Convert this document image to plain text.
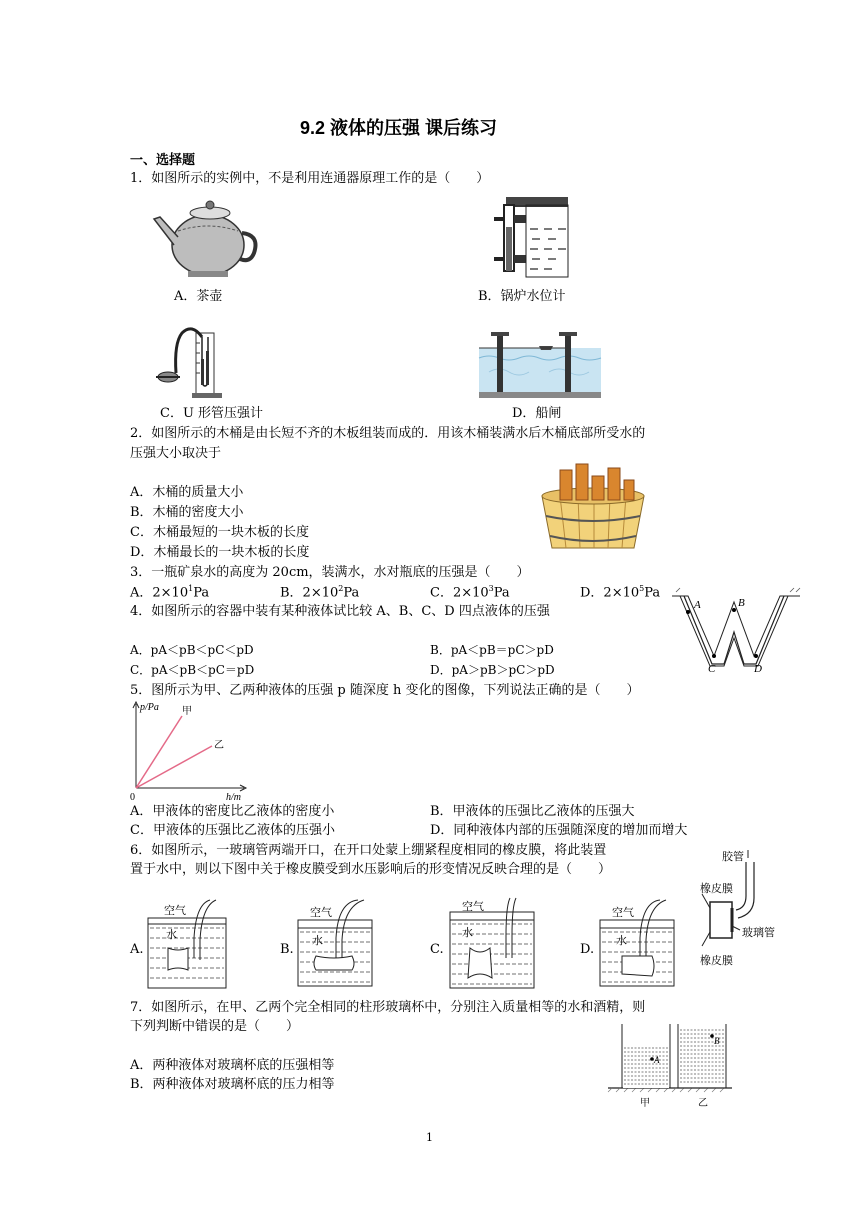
9.2 液体的压强 课后练习
一、选择题
1．如图所示的实例中，不是利用连通器原理工作的是（　　）
A．茶壶	B．锅炉水位计
C．U 形管压强计	D．船闸
2．如图所示的木桶是由长短不齐的木板组装而成的．用该木桶装满水后木桶底部所受水的
压强大小取决于
A．木桶的质量大小
B．木桶的密度大小
C．木桶最短的一块木板的长度
D．木桶最长的一块木板的长度
3．一瓶矿泉水的高度为 20cm，装满水，水对瓶底的压强是（　　）
A．$2\times 10^1Pa$	B．$2\times 10^2Pa$	C．$2\times 10^3Pa$	D．$2\times 10^5Pa$
4．如图所示的容器中装有某种液体试比较 A、B、C、D 四点液体的压强
A．pA＜pB＜pC＜pD	B．pA＜pB＝pC＞pD
C．pA＜pB＜pC＝pD	D．pA＞pB＞pC＞pD
A	B
C	D
5．图所示为甲、乙两种液体的压强 p 随深度 h 变化的图像，下列说法正确的是（　　）
p/Pa
h/m
0
甲
乙
A．甲液体的密度比乙液体的密度小	B．甲液体的压强比乙液体的压强大
C．甲液体的压强比乙液体的压强小	D．同种液体内部的压强随深度的增加而增大
6．如图所示，一玻璃管两端开口，在开口处蒙上绷紧程度相同的橡皮膜，将此装置
置于水中，则以下图中关于橡皮膜受到水压影响后的形变情况反映合理的是（　　）
胶管
橡皮膜
玻璃管
橡皮膜
A.
空气
水
B.
空气
水
C.
空气
水
D.
空气
水
7．如图所示，在甲、乙两个完全相同的柱形玻璃杯中，分别注入质量相等的水和酒精，则
下列判断中错误的是（　　）
A．两种液体对玻璃杯底的压强相等
B．两种液体对玻璃杯底的压力相等
A
B
甲	乙
1
